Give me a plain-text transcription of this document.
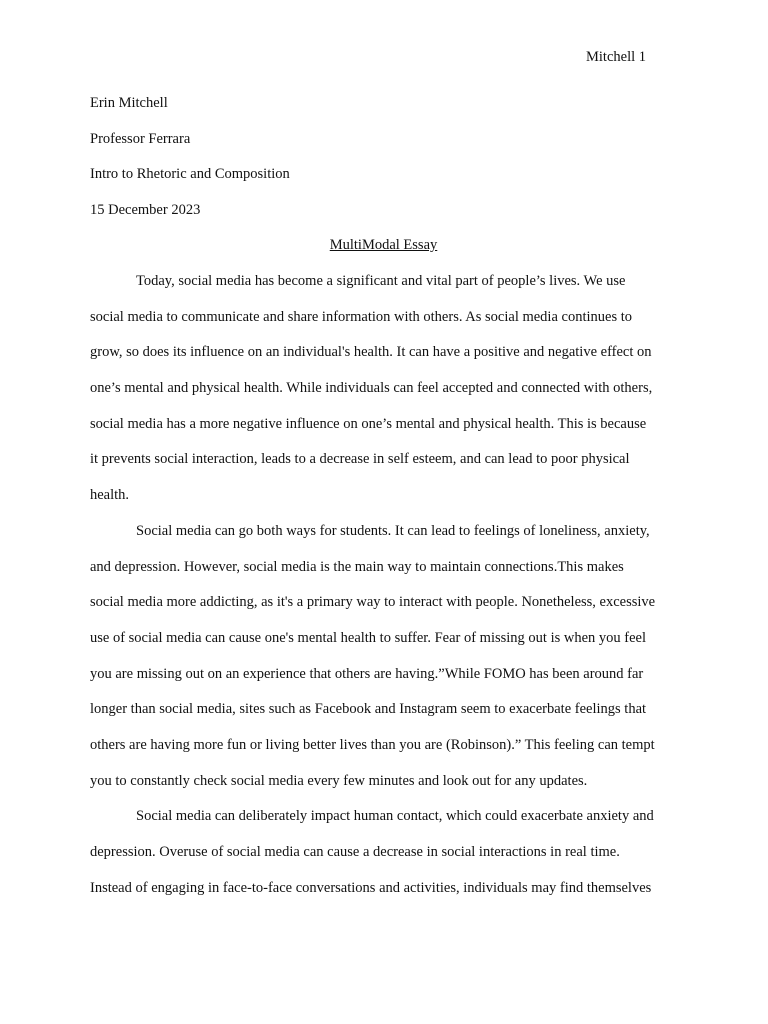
Mitchell 1
Erin Mitchell
Professor Ferrara
Intro to Rhetoric and Composition
15 December 2023
MultiModal Essay
Today, social media has become a significant and vital part of people’s lives. We use
social media to communicate and share information with others. As social media continues to
grow, so does its influence on an individual's health. It can have a positive and negative effect on
one’s mental and physical health. While individuals can feel accepted and connected with others,
social media has a more negative influence on one’s mental and physical health. This is because
it prevents social interaction, leads to a decrease in self esteem, and can lead to poor physical
health.
Social media can go both ways for students. It can lead to feelings of loneliness, anxiety,
and depression. However, social media is the main way to maintain connections.This makes
social media more addicting, as it's a primary way to interact with people. Nonetheless, excessive
use of social media can cause one's mental health to suffer. Fear of missing out is when you feel
you are missing out on an experience that others are having.”While FOMO has been around far
longer than social media, sites such as Facebook and Instagram seem to exacerbate feelings that
others are having more fun or living better lives than you are (Robinson).” This feeling can tempt
you to constantly check social media every few minutes and look out for any updates.
Social media can deliberately impact human contact, which could exacerbate anxiety and
depression. Overuse of social media can cause a decrease in social interactions in real time.
Instead of engaging in face-to-face conversations and activities, individuals may find themselves
